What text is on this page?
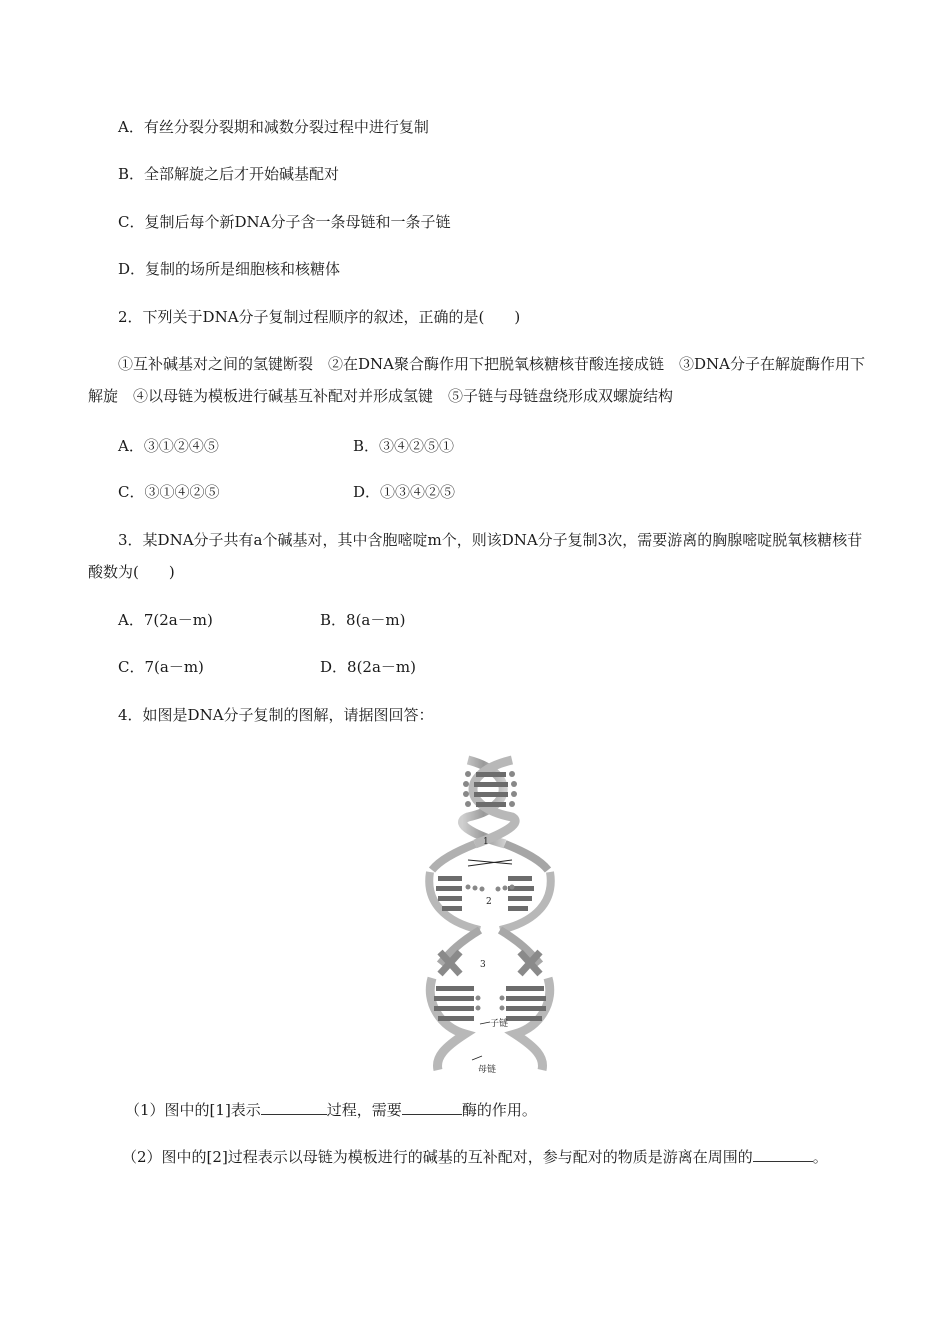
A．有丝分裂分裂期和减数分裂过程中进行复制
B．全部解旋之后才开始碱基配对
C．复制后每个新DNA分子含一条母链和一条子链
D．复制的场所是细胞核和核糖体
2．下列关于DNA分子复制过程顺序的叙述，正确的是(　　)
①互补碱基对之间的氢键断裂　②在DNA聚合酶作用下把脱氧核糖核苷酸连接成链　③DNA分子在解旋酶作用下解旋　④以母链为模板进行碱基互补配对并形成氢键　⑤子链与母链盘绕形成双螺旋结构
A．③①②④⑤	B．③④②⑤①
C．③①④②⑤	D．①③④②⑤
3．某DNA分子共有a个碱基对，其中含胞嘧啶m个，则该DNA分子复制3次，需要游离的胸腺嘧啶脱氧核糖核苷酸数为(　　)
A．7(2a－m)	B．8(a－m)
C．7(a－m)	D．8(2a－m)
4．如图是DNA分子复制的图解，请据图回答：
1
2
3
子链
母链
（1）图中的[1]表示	过程，需要	酶的作用。
（2）图中的[2]过程表示以母链为模板进行的碱基的互补配对，参与配对的物质是游离在周围的	。
